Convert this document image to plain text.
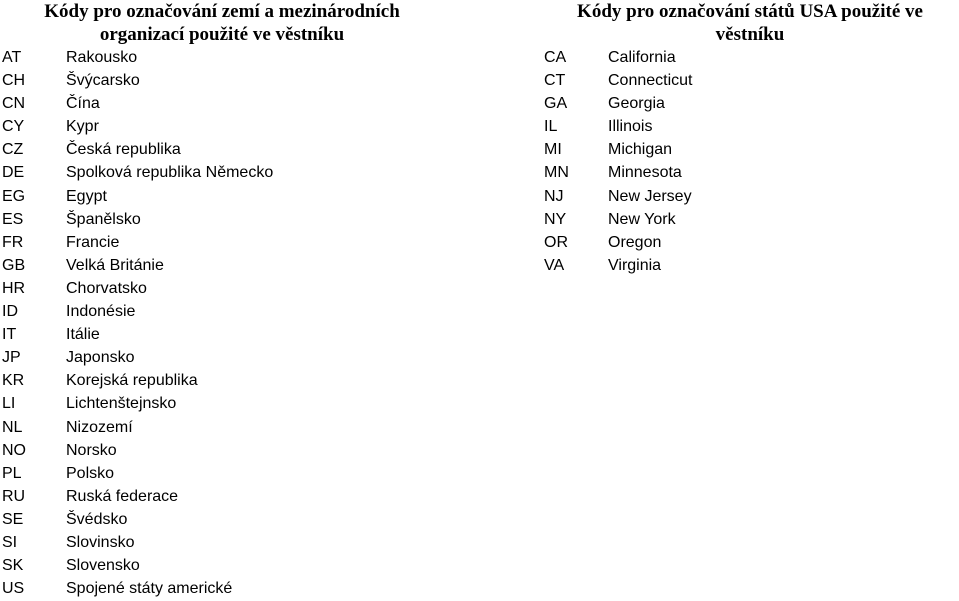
Kódy pro označování zemí a mezinárodních
organizací použité ve věstníku
AT	Rakousko
CH	Švýcarsko
CN	Čína
CY	Kypr
CZ	Česká republika
DE	Spolková republika Německo
EG	Egypt
ES	Španělsko
FR	Francie
GB	Velká Británie
HR	Chorvatsko
ID	Indonésie
IT	Itálie
JP	Japonsko
KR	Korejská republika
LI	Lichtenštejnsko
NL	Nizozemí
NO	Norsko
PL	Polsko
RU	Ruská federace
SE	Švédsko
SI	Slovinsko
SK	Slovensko
US	Spojené státy americké
Kódy pro označování států USA použité ve
věstníku
CA	California
CT	Connecticut
GA	Georgia
IL	Illinois
MI	Michigan
MN Minnesota
NJ	New Jersey
NY	New York
OR	Oregon
VA	Virginia
